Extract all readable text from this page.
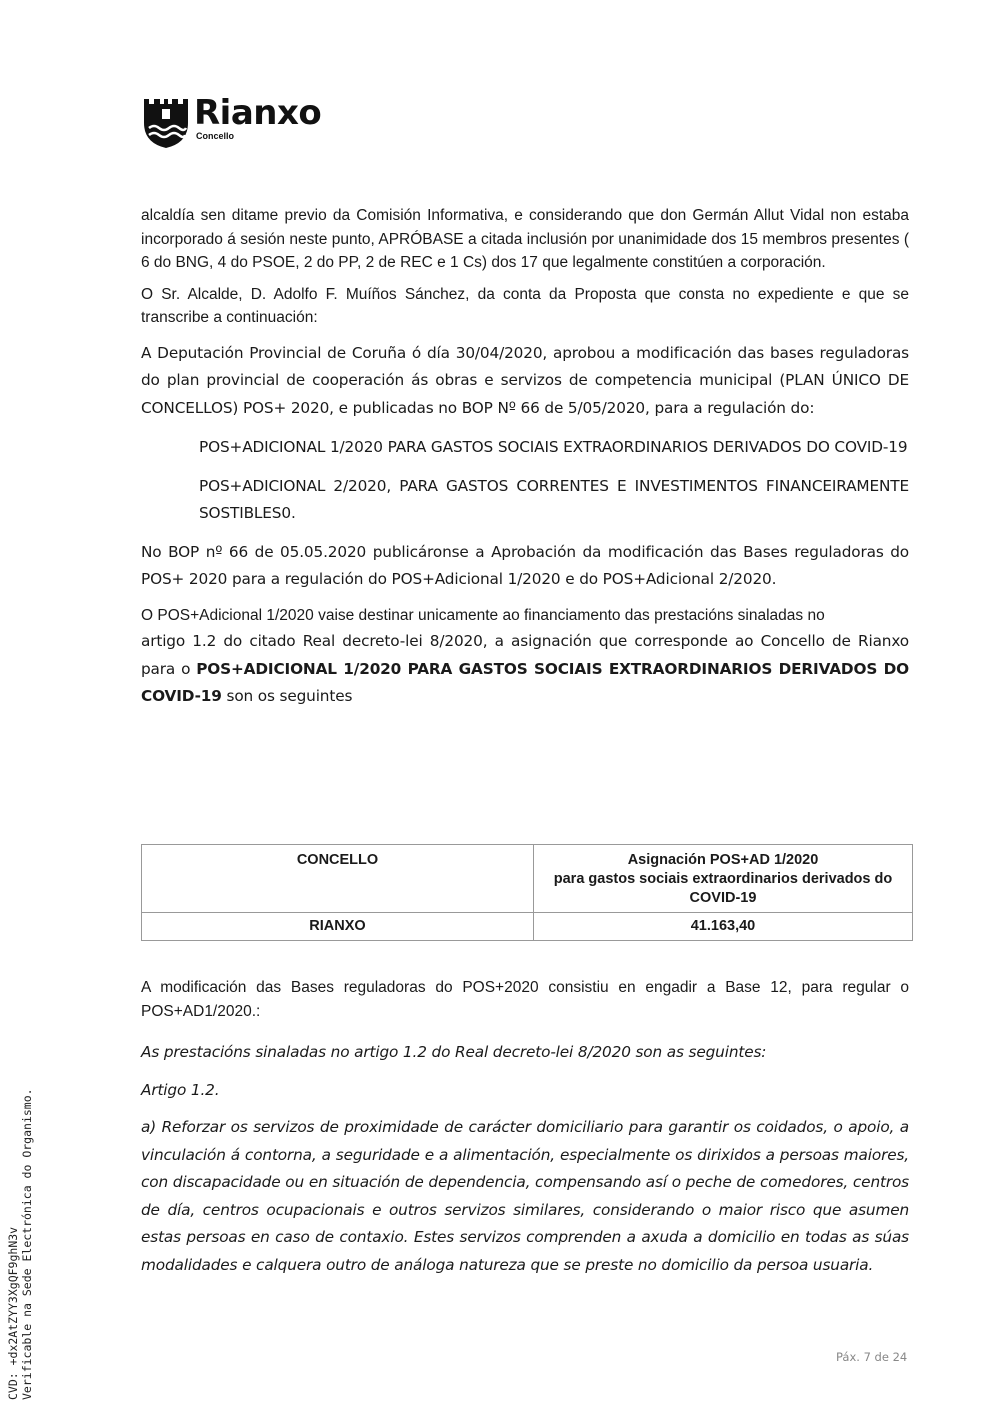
Rianxo
Concello

alcaldía sen ditame previo da Comisión Informativa, e considerando que don Germán Allut Vidal non estaba incorporado á sesión neste punto, APRÓBASE a citada inclusión por unanimidade dos 15 membros presentes ( 6 do BNG, 4 do PSOE, 2 do PP, 2 de REC e 1 Cs) dos 17 que legalmente constitúen a corporación.

O Sr. Alcalde, D. Adolfo F. Muíños Sánchez, da conta da Proposta que consta no expediente e que se transcribe a continuación:

A Deputación Provincial de Coruña ó día 30/04/2020, aprobou a modificación das bases reguladoras do plan provincial de cooperación ás obras e servizos de competencia municipal (PLAN ÚNICO DE CONCELLOS) POS+ 2020, e publicadas no BOP Nº 66 de 5/05/2020, para a regulación do:

POS+ADICIONAL 1/2020 PARA GASTOS SOCIAIS EXTRAORDINARIOS DERIVADOS DO COVID-19

POS+ADICIONAL 2/2020, PARA GASTOS CORRENTES E INVESTIMENTOS FINANCEIRAMENTE SOSTIBLES0.

No BOP nº 66 de 05.05.2020 publicáronse a Aprobación da modificación das Bases reguladoras do POS+ 2020 para a regulación do POS+Adicional 1/2020 e do POS+Adicional 2/2020.

O POS+Adicional 1/2020 vaise destinar unicamente ao financiamento das prestacións sinaladas no

artigo 1.2 do citado Real decreto-lei 8/2020, a asignación que corresponde ao Concello de Rianxo para o POS+ADICIONAL 1/2020 PARA GASTOS SOCIAIS EXTRAORDINARIOS DERIVADOS DO COVID-19 son os seguintes

CONCELLO	Asignación POS+AD 1/2020
para gastos sociais extraordinarios derivados do COVID-19

RIANXO	41.163,40

A modificación das Bases reguladoras do POS+2020 consistiu en engadir a Base 12, para regular o POS+AD1/2020.:

As prestacións sinaladas no artigo 1.2 do Real decreto-lei 8/2020 son as seguintes:

Artigo 1.2.

a) Reforzar os servizos de proximidade de carácter domiciliario para garantir os coidados, o apoio, a vinculación á contorna, a seguridade e a alimentación, especialmente os dirixidos a persoas maiores, con discapacidade ou en situación de dependencia, compensando así o peche de comedores, centros de día, centros ocupacionais e outros servizos similares, considerando o maior risco que asumen estas persoas en caso de contaxio. Estes servizos comprenden a axuda a domicilio en todas as súas modalidades e calquera outro de análoga natureza que se preste no domicilio da persoa usuaria.

CVD: +dx2AtZYY3XgQF9ghN3v Verificable na Sede Electrónica do Organismo.	Páx. 7 de 24
